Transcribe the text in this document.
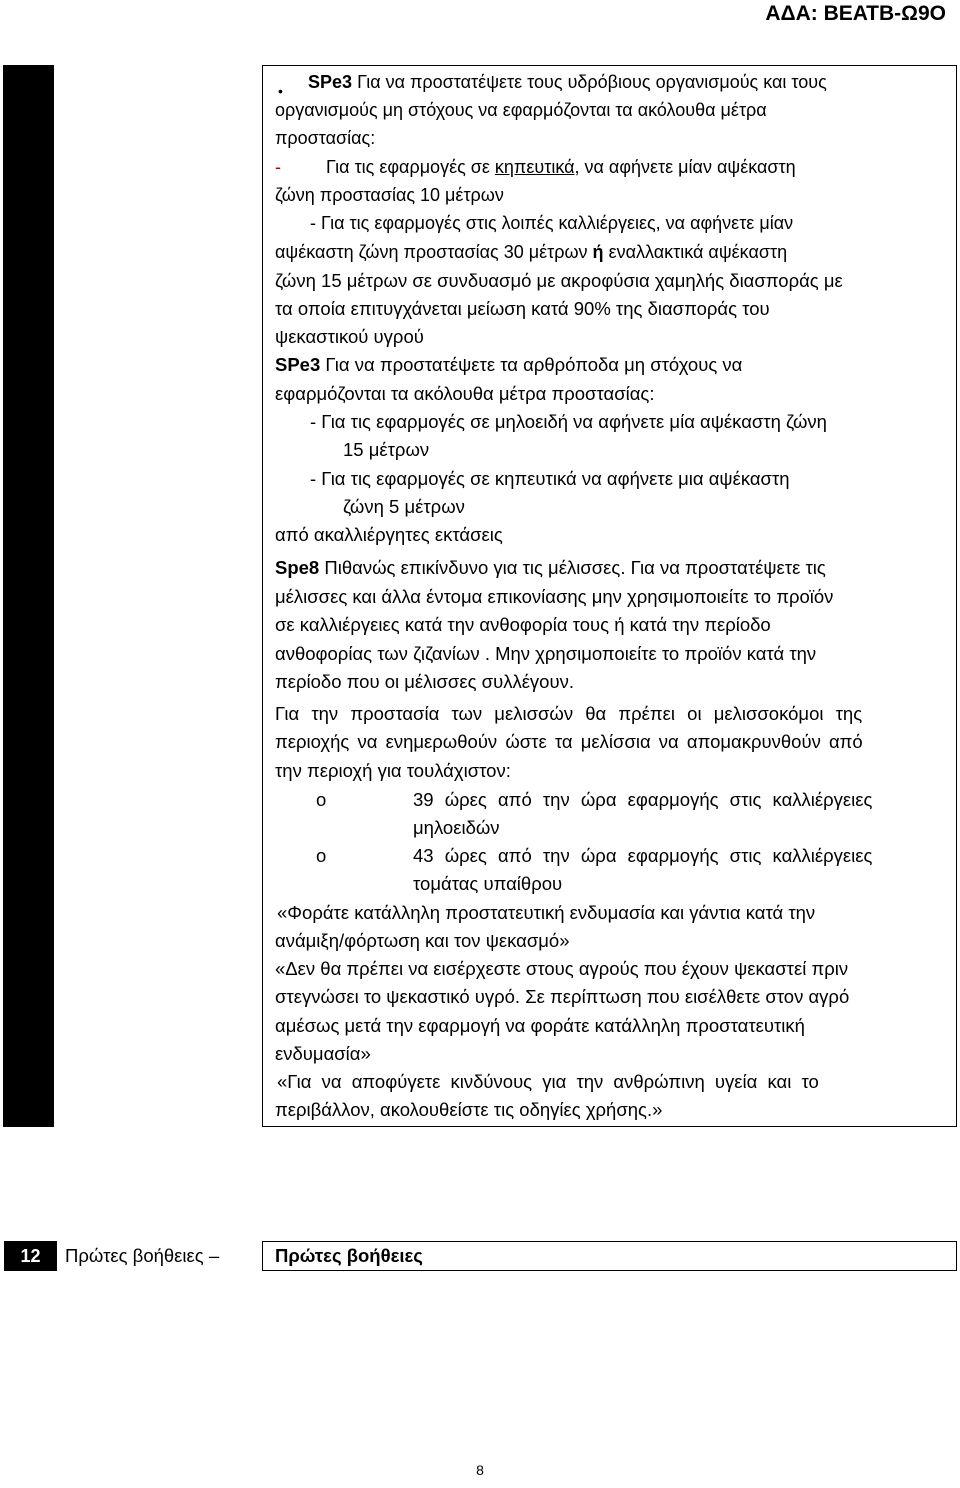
ΑΔΑ: ΒΕΑΤΒ-Ω9Ο
• SPe3 Για να προστατέψετε τους υδρόβιους οργανισμούς και τους
οργανισμούς μη στόχους να εφαρμόζονται τα ακόλουθα μέτρα
προστασίας:
-	Για τις εφαρμογές σε κηπευτικά, να αφήνετε μίαν αψέκαστη
ζώνη προστασίας 10 μέτρων
- Για τις εφαρμογές στις λοιπές καλλιέργειες, να αφήνετε μίαν
αψέκαστη ζώνη προστασίας 30 μέτρων ή εναλλακτικά αψέκαστη
ζώνη 15 μέτρων σε συνδυασμό με ακροφύσια χαμηλής διασποράς με
τα οποία επιτυγχάνεται μείωση κατά 90% της διασποράς του
ψεκαστικού υγρού
SPe3 Για να προστατέψετε τα αρθρόποδα μη στόχους να
εφαρμόζονται τα ακόλουθα μέτρα προστασίας:
- Για τις εφαρμογές σε μηλοειδή να αφήνετε μία αψέκαστη ζώνη
15 μέτρων
- Για τις εφαρμογές σε κηπευτικά να αφήνετε μια αψέκαστη
ζώνη 5 μέτρων
από ακαλλιέργητες εκτάσεις
Spe8 Πιθανώς επικίνδυνο για τις μέλισσες. Για να προστατέψετε τις
μέλισσες και άλλα έντομα επικονίασης μην χρησιμοποιείτε το προϊόν
σε καλλιέργειες κατά την ανθοφορία τους ή κατά την περίοδο
ανθοφορίας των ζιζανίων . Μην χρησιμοποιείτε το προϊόν κατά την
περίοδο που οι μέλισσες συλλέγουν.
Για την προστασία των μελισσών θα πρέπει οι μελισσοκόμοι της
περιοχής να ενημερωθούν ώστε τα μελίσσια να απομακρυνθούν από
την περιοχή για τουλάχιστον:
o	39 ώρες από την ώρα εφαρμογής στις καλλιέργειες
μηλοειδών
o	43 ώρες από την ώρα εφαρμογής στις καλλιέργειες
τομάτας υπαίθρου
«Φοράτε κατάλληλη προστατευτική ενδυμασία και γάντια κατά την
ανάμιξη/φόρτωση και τον ψεκασμό»
«Δεν θα πρέπει να εισέρχεστε στους αγρούς που έχουν ψεκαστεί πριν
στεγνώσει το ψεκαστικό υγρό. Σε περίπτωση που εισέλθετε στον αγρό
αμέσως μετά την εφαρμογή να φοράτε κατάλληλη προστατευτική
ενδυμασία»
«Για να αποφύγετε κινδύνους για την ανθρώπινη υγεία και το
περιβάλλον, ακολουθείστε τις οδηγίες χρήσης.»
12	Πρώτες βοήθειες –	Πρώτες βοήθειες
8
